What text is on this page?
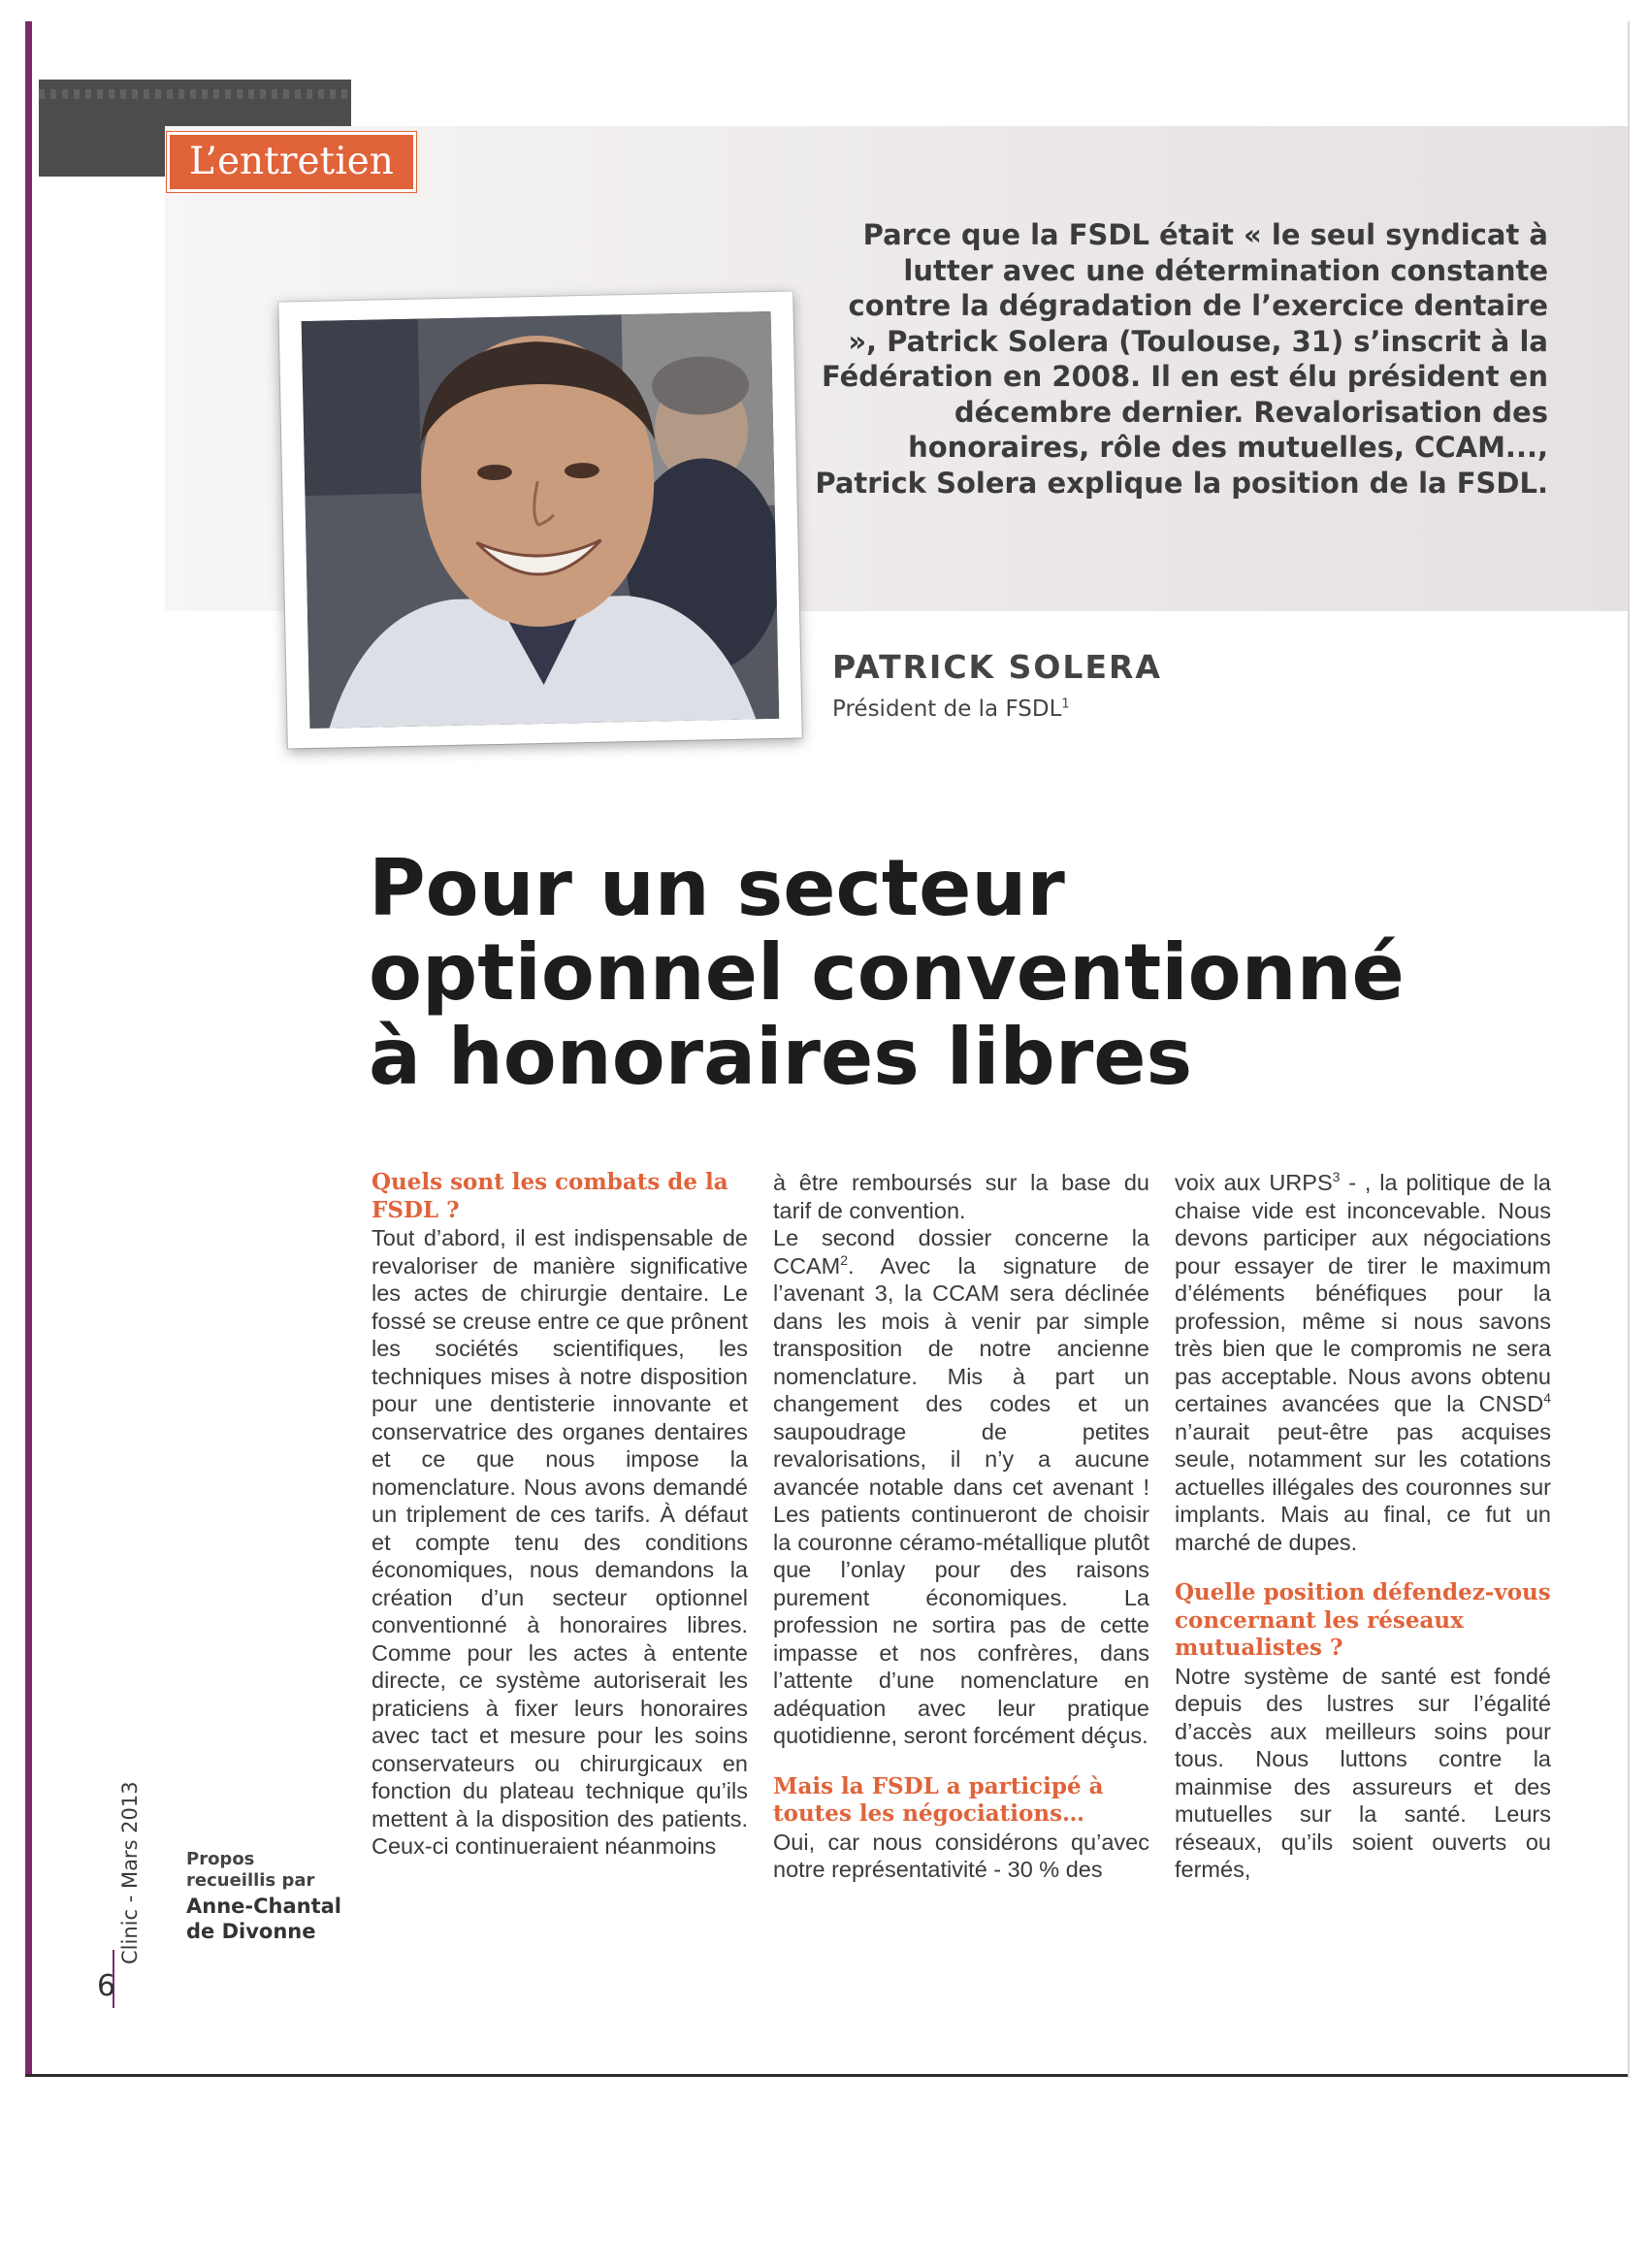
L’entretien
Parce que la FSDL était « le seul syndicat à lutter avec une détermination constante contre la dégradation de l’exercice dentaire », Patrick Solera (Toulouse, 31) s’inscrit à la Fédération en 2008. Il en est élu président en décembre dernier. Revalorisation des honoraires, rôle des mutuelles, CCAM..., Patrick Solera explique la position de la FSDL.
PATRICK SOLERA
Président de la FSDL$^1$
Pour un secteur
optionnel conventionné
à honoraires libres
Clinic - Mars 2013
6
Propos
recueillis par
Anne-Chantal
de Divonne

Quels sont les combats de la FSDL ?

Tout d’abord, il est indispensable de revaloriser de manière significative les actes de chirurgie dentaire. Le fossé se creuse entre ce que prônent les sociétés scientifiques, les techniques mises à notre disposition pour une dentisterie innovante et conservatrice des organes dentaires et ce que nous impose la nomenclature. Nous avons demandé un triplement de ces tarifs. À défaut et compte tenu des conditions économiques, nous demandons la création d’un secteur optionnel conventionné à honoraires libres. Comme pour les actes à entente directe, ce système autoriserait les praticiens à fixer leurs honoraires avec tact et mesure pour les soins conservateurs ou chirurgicaux en fonction du plateau technique qu’ils mettent à la disposition des patients. Ceux-ci continueraient néanmoins

à être remboursés sur la base du tarif de convention.

Le second dossier concerne la CCAM$^2$. Avec la signature de l’avenant 3, la CCAM sera déclinée dans les mois à venir par simple transposition de notre ancienne nomenclature. Mis à part un changement des codes et un saupoudrage de petites revalorisations, il n’y a aucune avancée notable dans cet avenant ! Les patients continueront de choisir la couronne céramo-métallique plutôt que l’onlay pour des raisons purement économiques. La profession ne sortira pas de cette impasse et nos confrères, dans l’attente d’une nomenclature en adéquation avec leur pratique quotidienne, seront forcément déçus.

Mais la FSDL a participé à toutes les négociations…

Oui, car nous considérons qu’avec notre représentativité - 30 % des

voix aux URPS$^3$ - , la politique de la chaise vide est inconcevable. Nous devons participer aux négociations pour essayer de tirer le maximum d’éléments bénéfiques pour la profession, même si nous savons très bien que le compromis ne sera pas acceptable. Nous avons obtenu certaines avancées que la CNSD$^4$ n’aurait peut-être pas acquises seule, notamment sur les cotations actuelles illégales des couronnes sur implants. Mais au final, ce fut un marché de dupes.

Quelle position défendez-vous concernant les réseaux mutualistes ?

Notre système de santé est fondé depuis des lustres sur l’égalité d’accès aux meilleurs soins pour tous. Nous luttons contre la mainmise des assureurs et des mutuelles sur la santé. Leurs réseaux, qu’ils soient ouverts ou fermés,
